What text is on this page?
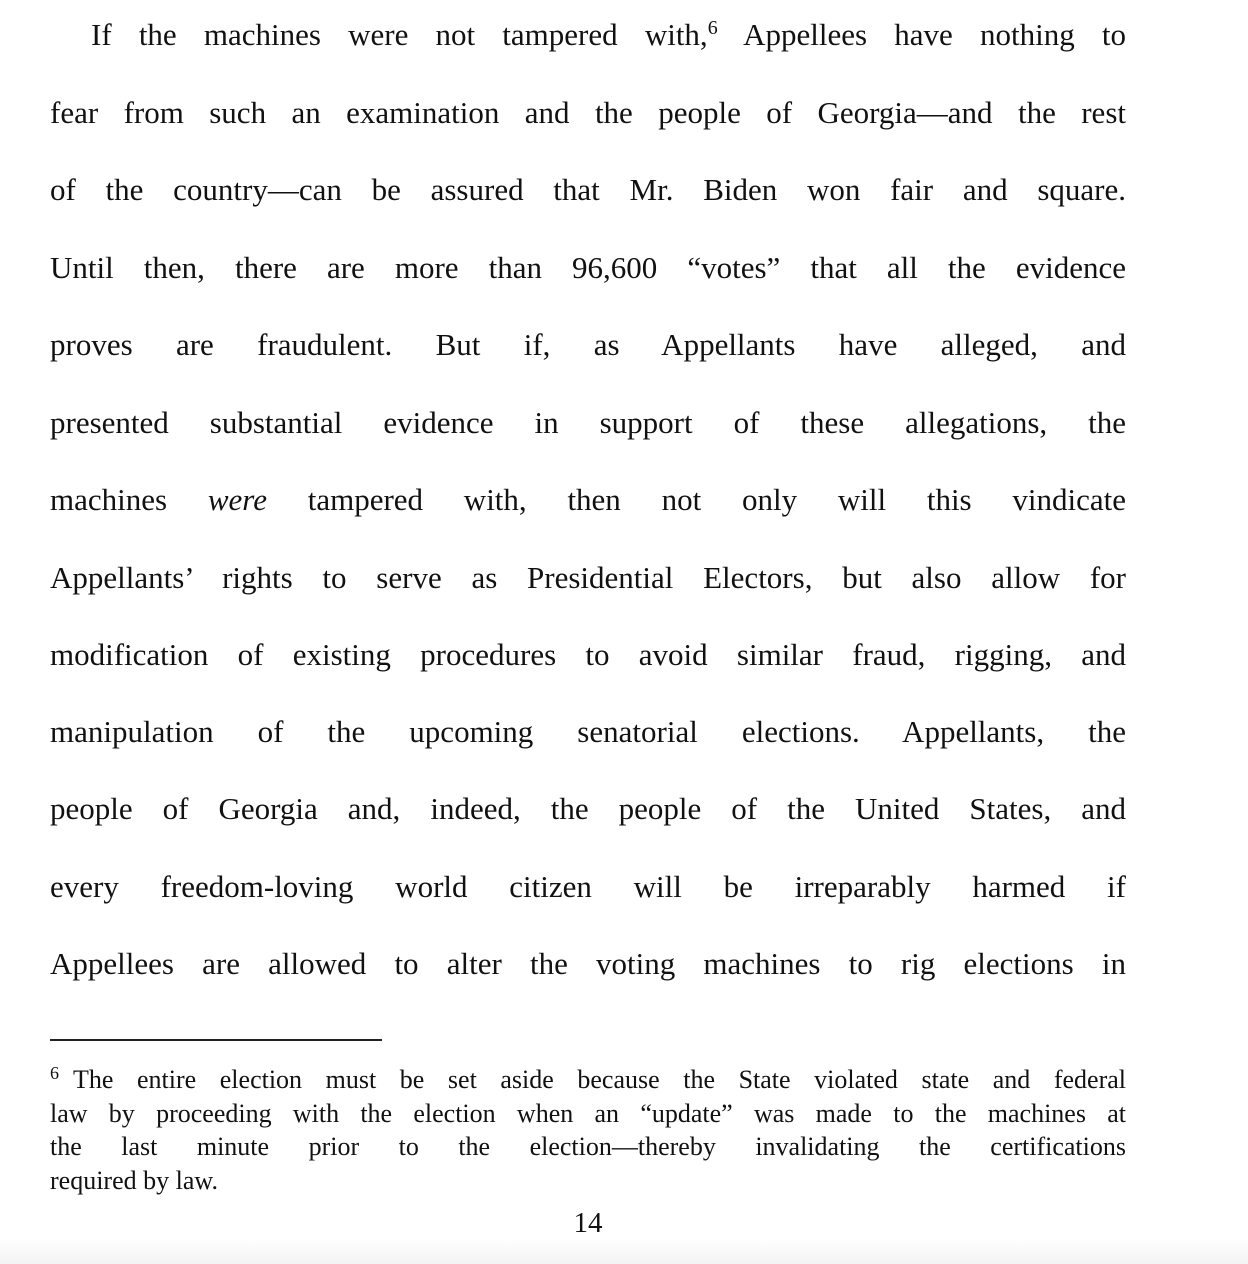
If the machines were not tampered with,$^6$ Appellees have nothing to
fear from such an examination and the people of Georgia—and the rest
of the country—can be assured that Mr. Biden won fair and square.
Until then, there are more than 96,600 “votes” that all the evidence
proves are fraudulent. But if, as Appellants have alleged, and
presented substantial evidence in support of these allegations, the
machines were tampered with, then not only will this vindicate
Appellants’ rights to serve as Presidential Electors, but also allow for
modification of existing procedures to avoid similar fraud, rigging, and
manipulation of the upcoming senatorial elections. Appellants, the
people of Georgia and, indeed, the people of the United States, and
every freedom-loving world citizen will be irreparably harmed if
Appellees are allowed to alter the voting machines to rig elections in
$^6$ The entire election must be set aside because the State violated state and federal
law by proceeding with the election when an “update” was made to the machines at
the last minute prior to the election—thereby invalidating the certifications
required by law.
14
